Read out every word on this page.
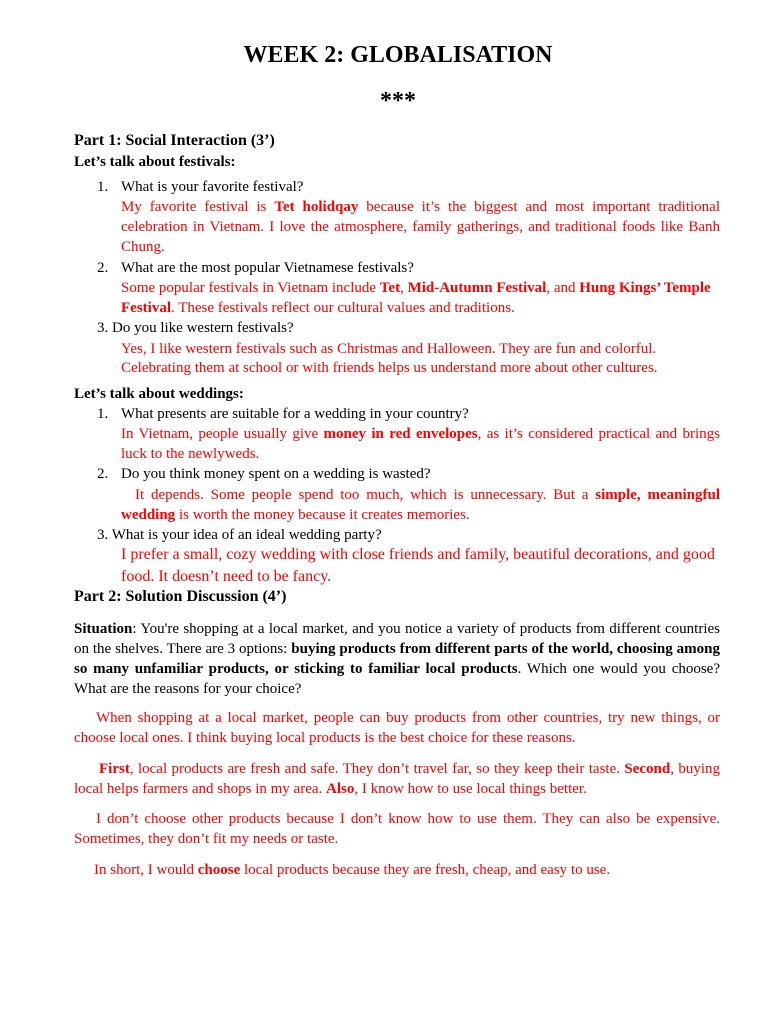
WEEK 2: GLOBALISATION
***
Part 1: Social Interaction (3’)
Let’s talk about festivals:
1. What is your favorite festival?
My favorite festival is Tet holidqay because it’s the biggest and most important traditional celebration in Vietnam. I love the atmosphere, family gatherings, and traditional foods like Banh Chung.
2. What are the most popular Vietnamese festivals?
Some popular festivals in Vietnam include Tet, Mid-Autumn Festival, and Hung Kings’ Temple Festival. These festivals reflect our cultural values and traditions.
3. Do you like western festivals?
Yes, I like western festivals such as Christmas and Halloween. They are fun and colorful.
Celebrating them at school or with friends helps us understand more about other cultures.
Let’s talk about weddings:
1. What presents are suitable for a wedding in your country?
In Vietnam, people usually give money in red envelopes, as it’s considered practical and brings luck to the newlyweds.
2. Do you think money spent on a wedding is wasted?
It depends. Some people spend too much, which is unnecessary. But a simple, meaningful wedding is worth the money because it creates memories.
3. What is your idea of an ideal wedding party?
I prefer a small, cozy wedding with close friends and family, beautiful decorations, and good food. It doesn’t need to be fancy.
Part 2: Solution Discussion (4’)
Situation: You're shopping at a local market, and you notice a variety of products from different countries on the shelves. There are 3 options: buying products from different parts of the world, choosing among so many unfamiliar products, or sticking to familiar local products. Which one would you choose? What are the reasons for your choice?
When shopping at a local market, people can buy products from other countries, try new things, or choose local ones. I think buying local products is the best choice for these reasons.
First, local products are fresh and safe. They don’t travel far, so they keep their taste. Second, buying local helps farmers and shops in my area. Also, I know how to use local things better.
I don’t choose other products because I don’t know how to use them. They can also be expensive. Sometimes, they don’t fit my needs or taste.
In short, I would choose local products because they are fresh, cheap, and easy to use.
